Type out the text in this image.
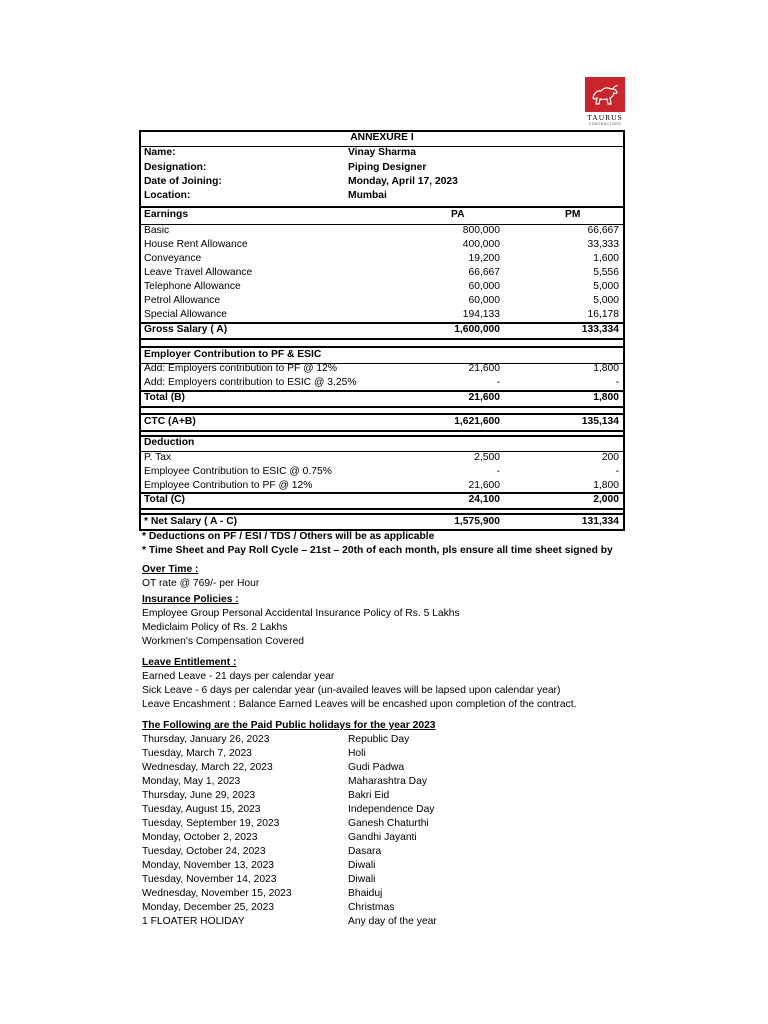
TAURUS
CONTRACTORS
ANNEXURE I
Name:	Vinay Sharma
Designation:	Piping Designer
Date of Joining:	Monday, April 17, 2023
Location:	Mumbai
Earnings	PA	PM
Basic	800,000	66,667
House Rent Allowance	400,000	33,333
Conveyance	19,200	1,600
Leave Travel Allowance	66,667	5,556
Telephone Allowance	60,000	5,000
Petrol Allowance	60,000	5,000
Special Allowance	194,133	16,178
Gross Salary ( A)	1,600,000	133,334
Employer Contribution to PF & ESIC
Add: Employers contribution to PF @ 12%	21,600	1,800
Add: Employers contribution to ESIC @ 3.25%	-	-
Total (B)	21,600	1,800
CTC (A+B)	1,621,600	135,134
Deduction
P. Tax	2,500	200
Employee Contribution to ESIC @ 0.75%	-	-
Employee Contribution to PF @ 12%	21,600	1,800
Total (C)	24,100	2,000
* Net Salary ( A - C)	1,575,900	131,334
* Deductions on PF / ESI / TDS / Others will be as applicable
* Time Sheet and Pay Roll Cycle – 21st – 20th of each month, pls ensure all time sheet signed by
Over Time :
OT rate @ 769/- per Hour
Insurance Policies :
Employee Group Personal Accidental Insurance Policy of Rs. 5 Lakhs
Mediclaim Policy of Rs. 2 Lakhs
Workmen's Compensation Covered
Leave Entitlement :
Earned Leave - 21 days per calendar year
Sick Leave - 6 days per calendar year (un-availed leaves will be lapsed upon calendar year)
Leave Encashment : Balance Earned Leaves will be encashed upon completion of the contract.
The Following are the Paid Public holidays for the year 2023
Thursday, January 26, 2023	Republic Day
Tuesday, March 7, 2023	Holi
Wednesday, March 22, 2023	Gudi Padwa
Monday, May 1, 2023	Maharashtra Day
Thursday, June 29, 2023	Bakri Eid
Tuesday, August 15, 2023	Independence Day
Tuesday, September 19, 2023	Ganesh Chaturthi
Monday, October 2, 2023	Gandhi Jayanti
Tuesday, October 24, 2023	Dasara
Monday, November 13, 2023	Diwali
Tuesday, November 14, 2023	Diwali
Wednesday, November 15, 2023	Bhaiduj
Monday, December 25, 2023	Christmas
1 FLOATER HOLIDAY	Any day of the year
